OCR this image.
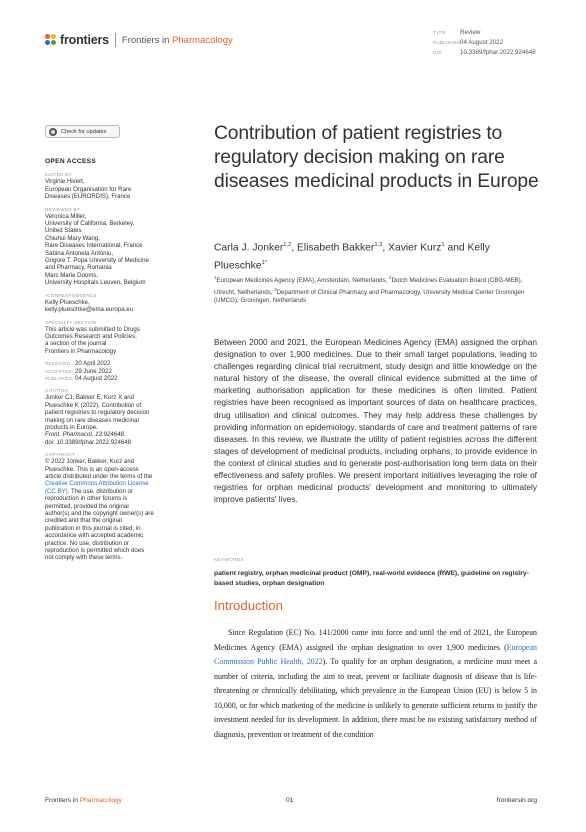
frontiers Frontiers in Pharmacology
TYPE Review
PUBLISHED04 August 2022
DOI	10.3389/fphar.2022.924648
Check for updates
OPEN ACCESS
EDITED BY
Virginie Hivert,
European Organisation for Rare
Diseases (EURORDIS), France
REVIEWED BY
Veronica Miller,
University of California, Berkeley,
United States
Chiuhui Mary Wang,
Rare Diseases International, France
Sabina Antonela Antoniu,
Grigore T. Popa University of Medicine
and Pharmacy, Romania
Marc Marie Dooms,
University Hospitals Leuven, Belgium
*CORRESPONDENCE
Kelly Plueschke,
kelly.plueschke@ema.europa.eu
SPECIALTY SECTION
This article was submitted to Drugs
Outcomes Research and Policies,
a section of the journal
Frontiers in Pharmacology
RECEIVED 20 April 2022
ACCEPTED 29 June 2022
PUBLISHED 04 August 2022
CITATION
Jonker CJ, Bakker E, Kurz X and
Plueschke K (2022), Contribution of
patient registries to regulatory decision
making on rare diseases medicinal
products in Europe.
Front. Pharmacol. 13:924648.
doi: 10.3389/fphar.2022.924648
COPYRIGHT
© 2022 Jonker, Bakker, Kurz and
Plueschke. This is an open-access
article distributed under the terms of the
Creative Commons Attribution License
(CC BY). The use, distribution or
reproduction in other forums is
permitted, provided the original
author(s) and the copyright owner(s) are
credited and that the original
publication in this journal is cited, in
accordance with accepted academic
practice. No use, distribution or
reproduction is permitted which does
not comply with these terms.
Contribution of patient registries to regulatory decision making on rare diseases medicinal products in Europe
Carla J. Jonker$^{1,2}$, Elisabeth Bakker$^{1,3}$, Xavier Kurz$^1$ and Kelly Plueschke$^{1*}$
$^1$European Medicines Agency (EMA), Amsterdam, Netherlands, $^2$Dutch Medicines Evaluation Board (CBG-MEB), Utrecht, Netherlands, $^3$Department of Clinical Pharmacy and Pharmacology, University Medical Center Groningen (UMCG), Groningen, Netherlands

Between 2000 and 2021, the European Medicines Agency (EMA) assigned the orphan designation to over 1,900 medicines. Due to their small target populations, leading to challenges regarding clinical trial recruitment, study design and little knowledge on the natural history of the disease, the overall clinical evidence submitted at the time of marketing authorisation application for these medicines is often limited. Patient registries have been recognised as important sources of data on healthcare practices, drug utilisation and clinical outcomes. They may help address these challenges by providing information on epidemiology, standards of care and treatment patterns of rare diseases. In this review, we illustrate the utility of patient registries across the different stages of development of medicinal products, including orphans, to provide evidence in the context of clinical studies and to generate post-authorisation long term data on their effectiveness and safety profiles. We present important initiatives leveraging the role of registries for orphan medicinal products' development and monitoring to ultimately improve patients' lives.

KEYWORDS
patient registry, orphan medicinal product (OMP), real-world evidence (RWE), guideline on registry-based studies, orphan designation
Introduction

Since Regulation (EC) No. 141/2000 came into force and until the end of 2021, the European Medicines Agency (EMA) assigned the orphan designation to over 1,900 medicines (European Commission Public Health, 2022). To qualify for an orphan designation, a medicine must meet a number of criteria, including the aim to treat, prevent or facilitate diagnosis of disease that is life-threatening or chronically debilitating, which prevalence in the European Union (EU) is below 5 in 10,000, or for which marketing of the medicine is unlikely to generate sufficient returns to justify the investment needed for its development. In addition, there must be no existing satisfactory method of diagnosis, prevention or treatment of the condition

Frontiers in Pharmacology	01	frontiersin.org
